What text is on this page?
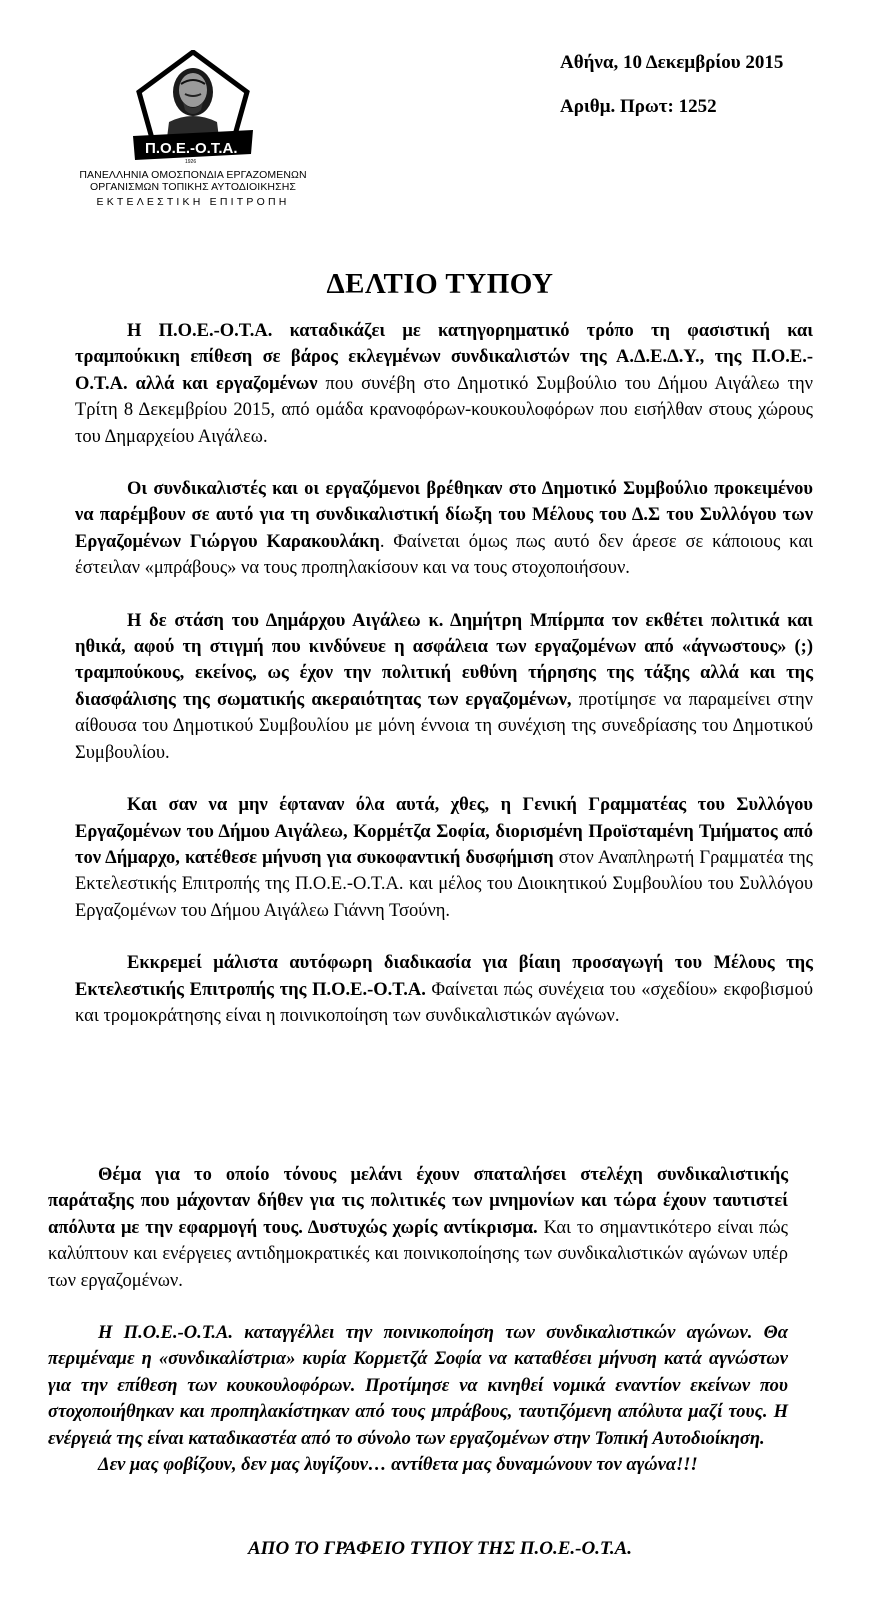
Π.Ο.Ε.-Ο.Τ.Α.
1926
ΠΑΝΕΛΛΗΝΙΑ ΟΜΟΣΠΟΝΔΙΑ ΕΡΓΑΖΟΜΕΝΩΝ
ΟΡΓΑΝΙΣΜΩΝ ΤΟΠΙΚΗΣ ΑΥΤΟΔΙΟΙΚΗΣΗΣ
ΕΚΤΕΛΕΣΤΙΚΗ ΕΠΙΤΡΟΠΗ
Αθήνα, 10 Δεκεμβρίου 2015
Αριθμ. Πρωτ: 1252
ΔΕΛΤΙΟ ΤΥΠΟΥ

Η Π.Ο.Ε.-Ο.Τ.Α. καταδικάζει με κατηγορηματικό τρόπο τη φασιστική και τραμπούκικη επίθεση σε βάρος εκλεγμένων συνδικαλιστών της Α.Δ.Ε.Δ.Υ., της Π.Ο.Ε.-Ο.Τ.Α. αλλά και εργαζομένων που συνέβη στο Δημοτικό Συμβούλιο του Δήμου Αιγάλεω την Τρίτη 8 Δεκεμβρίου 2015, από ομάδα κρανοφόρων-κουκουλοφόρων που εισήλθαν στους χώρους του Δημαρχείου Αιγάλεω.

Οι συνδικαλιστές και οι εργαζόμενοι βρέθηκαν στο Δημοτικό Συμβούλιο προκειμένου να παρέμβουν σε αυτό για τη συνδικαλιστική δίωξη του Μέλους του Δ.Σ του Συλλόγου των Εργαζομένων Γιώργου Καρακουλάκη. Φαίνεται όμως πως αυτό δεν άρεσε σε κάποιους και έστειλαν «μπράβους» να τους προπηλακίσουν και να τους στοχοποιήσουν.

Η δε στάση του Δημάρχου Αιγάλεω κ. Δημήτρη Μπίρμπα τον εκθέτει πολιτικά και ηθικά, αφού τη στιγμή που κινδύνευε η ασφάλεια των εργαζομένων από «άγνωστους» (;) τραμπούκους, εκείνος, ως έχον την πολιτική ευθύνη τήρησης της τάξης αλλά και της διασφάλισης της σωματικής ακεραιότητας των εργαζομένων, προτίμησε να παραμείνει στην αίθουσα του Δημοτικού Συμβουλίου με μόνη έννοια τη συνέχιση της συνεδρίασης του Δημοτικού Συμβουλίου.

Και σαν να μην έφταναν όλα αυτά, χθες, η Γενική Γραμματέας του Συλλόγου Εργαζομένων του Δήμου Αιγάλεω, Κορμέτζα Σοφία, διορισμένη Προϊσταμένη Τμήματος από τον Δήμαρχο, κατέθεσε μήνυση για συκοφαντική δυσφήμιση στον Αναπληρωτή Γραμματέα της Εκτελεστικής Επιτροπής της Π.Ο.Ε.-Ο.Τ.Α. και μέλος του Διοικητικού Συμβουλίου του Συλλόγου Εργαζομένων του Δήμου Αιγάλεω Γιάννη Τσούνη.

Εκκρεμεί μάλιστα αυτόφωρη διαδικασία για βίαιη προσαγωγή του Μέλους της Εκτελεστικής Επιτροπής της Π.Ο.Ε.-Ο.Τ.Α. Φαίνεται πώς συνέχεια του «σχεδίου» εκφοβισμού και τρομοκράτησης είναι η ποινικοποίηση των συνδικαλιστικών αγώνων.

Θέμα για το οποίο τόνους μελάνι έχουν σπαταλήσει στελέχη συνδικαλιστικής παράταξης που μάχονταν δήθεν για τις πολιτικές των μνημονίων και τώρα έχουν ταυτιστεί απόλυτα με την εφαρμογή τους. Δυστυχώς χωρίς αντίκρισμα. Και το σημαντικότερο είναι πώς καλύπτουν και ενέργειες αντιδημοκρατικές και ποινικοποίησης των συνδικαλιστικών αγώνων υπέρ των εργαζομένων.

Η Π.Ο.Ε.-Ο.Τ.Α. καταγγέλλει την ποινικοποίηση των συνδικαλιστικών αγώνων. Θα περιμέναμε η «συνδικαλίστρια» κυρία Κορμετζά Σοφία να καταθέσει μήνυση κατά αγνώστων για την επίθεση των κουκουλοφόρων. Προτίμησε να κινηθεί νομικά εναντίον εκείνων που στοχοποιήθηκαν και προπηλακίστηκαν από τους μπράβους, ταυτιζόμενη απόλυτα μαζί τους. Η ενέργειά της είναι καταδικαστέα από το σύνολο των εργαζομένων στην Τοπική Αυτοδιοίκηση.

Δεν μας φοβίζουν, δεν μας λυγίζουν… αντίθετα μας δυναμώνουν τον αγώνα!!!

ΑΠΟ ΤΟ ΓΡΑΦΕΙΟ ΤΥΠΟΥ ΤΗΣ Π.Ο.Ε.-Ο.Τ.Α.
